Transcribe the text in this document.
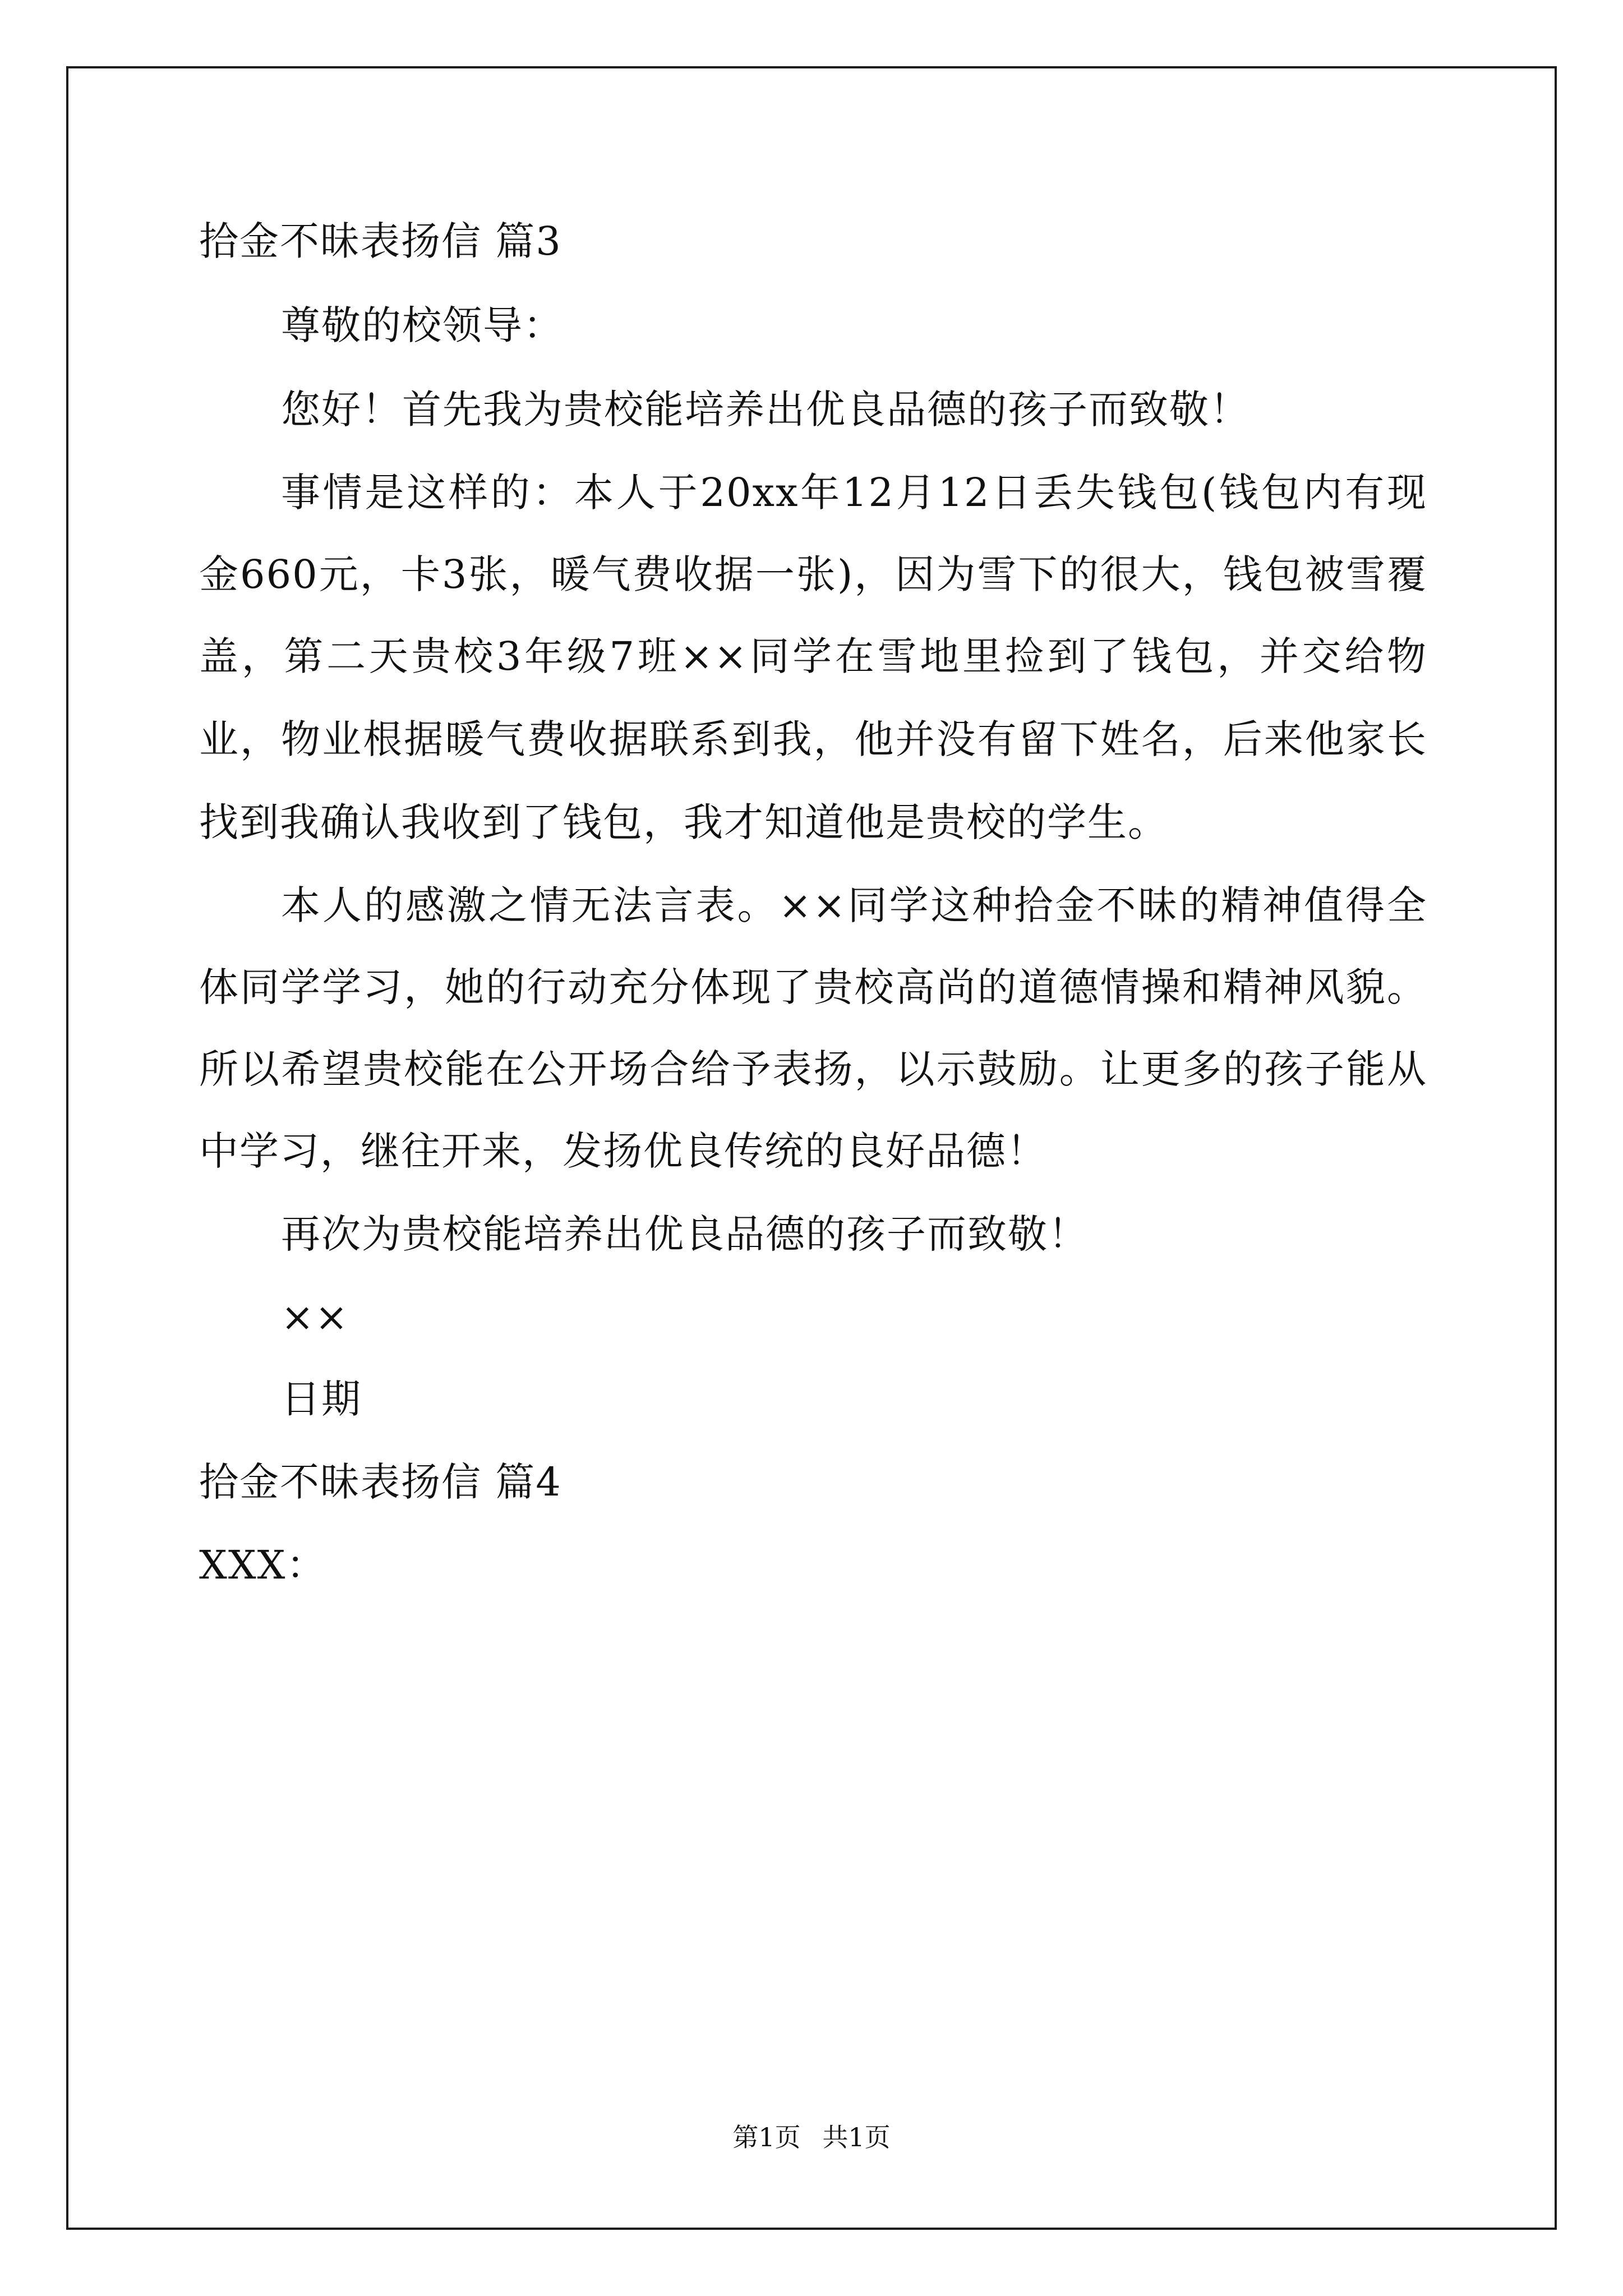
拾金不昧表扬信 篇3
尊敬的校领导：
您好！首先我为贵校能培养出优良品德的孩子而致敬！
事情是这样的：本人于20xx年12月12日丢失钱包(钱包内有现
金660元，卡3张，暖气费收据一张)，因为雪下的很大，钱包被雪覆
盖，第二天贵校3年级7班××同学在雪地里捡到了钱包，并交给物
业，物业根据暖气费收据联系到我，他并没有留下姓名，后来他家长
找到我确认我收到了钱包，我才知道他是贵校的学生。
本人的感激之情无法言表。××同学这种拾金不昧的精神值得全
体同学学习，她的行动充分体现了贵校高尚的道德情操和精神风貌。
所以希望贵校能在公开场合给予表扬，以示鼓励。让更多的孩子能从
中学习，继往开来，发扬优良传统的良好品德！
再次为贵校能培养出优良品德的孩子而致敬！
××
日期
拾金不昧表扬信 篇4
XXX：
第1页 共1页
